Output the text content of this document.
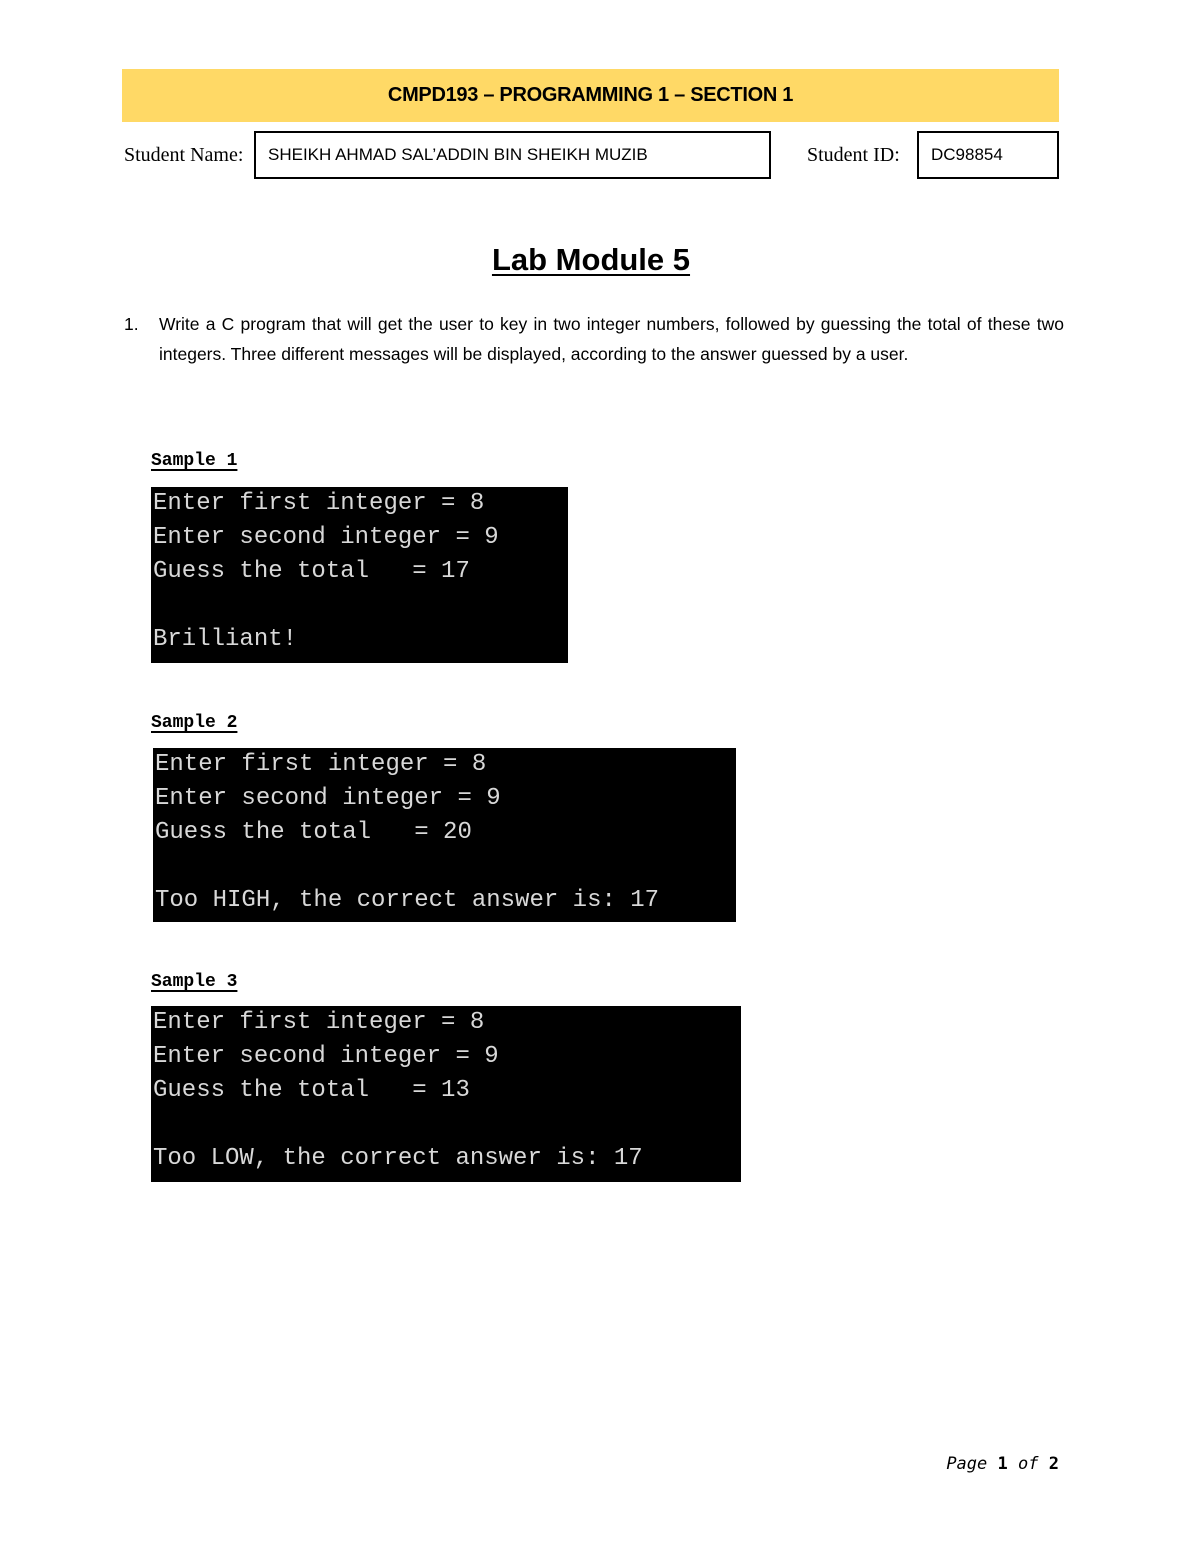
CMPD193 – PROGRAMMING 1 – SECTION 1
Student Name: SHEIKH AHMAD SAL’ADDIN BIN SHEIKH MUZIB	Student ID: DC98854
Lab Module 5
1. Write a C program that will get the user to key in two integer numbers, followed by guessing the total of these two integers. Three different messages will be displayed, according to the answer guessed by a user.
Sample 1
Enter first integer = 8
Enter second integer = 9
Guess the total   = 17
Brilliant!
Sample 2
Enter first integer = 8
Enter second integer = 9
Guess the total   = 20
Too HIGH, the correct answer is: 17
Sample 3
Enter first integer = 8
Enter second integer = 9
Guess the total   = 13
Too LOW, the correct answer is: 17
Page 1 of 2
